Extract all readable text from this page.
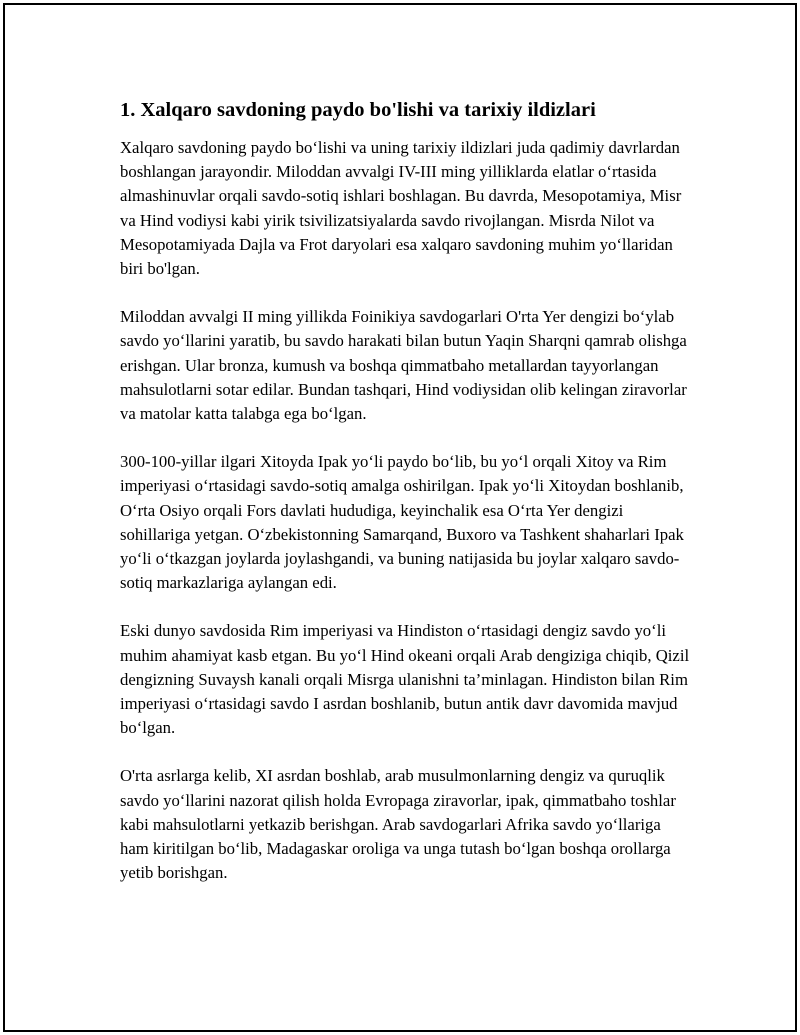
1. Xalqaro savdoning paydo bo'lishi va tarixiy ildizlari

Xalqaro savdoning paydo bo‘lishi va uning tarixiy ildizlari juda qadimiy davrlardan boshlangan jarayondir. Miloddan avvalgi IV-III ming yilliklarda elatlar o‘rtasida almashinuvlar orqali savdo-sotiq ishlari boshlagan. Bu davrda, Mesopotamiya, Misr va Hind vodiysi kabi yirik tsivilizatsiyalarda savdo rivojlangan. Misrda Nilot va Mesopotamiyada Dajla va Frot daryolari esa xalqaro savdoning muhim yo‘llaridan biri bo'lgan.

Miloddan avvalgi II ming yillikda Foinikiya savdogarlari O'rta Yer dengizi bo‘ylab savdo yo‘llarini yaratib, bu savdo harakati bilan butun Yaqin Sharqni qamrab olishga erishgan. Ular bronza, kumush va boshqa qimmatbaho metallardan tayyorlangan mahsulotlarni sotar edilar. Bundan tashqari, Hind vodiysidan olib kelingan ziravorlar va matolar katta talabga ega bo‘lgan.

300-100-yillar ilgari Xitoyda Ipak yo‘li paydo bo‘lib, bu yo‘l orqali Xitoy va Rim imperiyasi o‘rtasidagi savdo-sotiq amalga oshirilgan. Ipak yo‘li Xitoydan boshlanib, O‘rta Osiyo orqali Fors davlati hududiga, keyinchalik esa O‘rta Yer dengizi sohillariga yetgan. O‘zbekistonning Samarqand, Buxoro va Tashkent shaharlari Ipak yo‘li o‘tkazgan joylarda joylashgandi, va buning natijasida bu joylar xalqaro savdo-sotiq markazlariga aylangan edi.

Eski dunyo savdosida Rim imperiyasi va Hindiston o‘rtasidagi dengiz savdo yo‘li muhim ahamiyat kasb etgan. Bu yo‘l Hind okeani orqali Arab dengiziga chiqib, Qizil dengizning Suvaysh kanali orqali Misrga ulanishni ta’minlagan. Hindiston bilan Rim imperiyasi o‘rtasidagi savdo I asrdan boshlanib, butun antik davr davomida mavjud bo‘lgan.

O'rta asrlarga kelib, XI asrdan boshlab, arab musulmonlarning dengiz va quruqlik savdo yo‘llarini nazorat qilish holda Evropaga ziravorlar, ipak, qimmatbaho toshlar kabi mahsulotlarni yetkazib berishgan. Arab savdogarlari Afrika savdo yo‘llariga ham kiritilgan bo‘lib, Madagaskar oroliga va unga tutash bo‘lgan boshqa orollarga yetib borishgan.
